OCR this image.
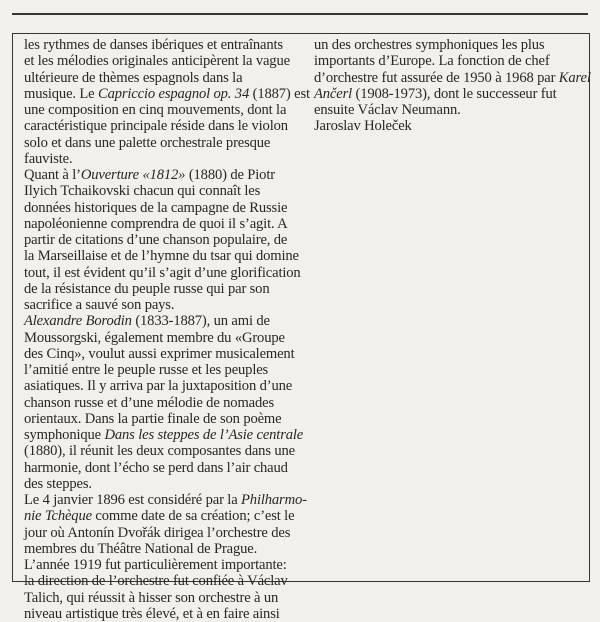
les rythmes de danses ibériques et entraînants
et les mélodies originales anticipèrent la vague
ultérieure de thèmes espagnols dans la
musique. Le Capriccio espagnol op. 34 (1887) est
une composition en cinq mouvements, dont la
caractéristique principale réside dans le violon
solo et dans une palette orchestrale presque
fauviste.
Quant à l’Ouverture «1812» (1880) de Piotr
Ilyich Tchaikovski chacun qui connaît les
données historiques de la campagne de Russie
napoléonienne comprendra de quoi il s’agit. A
partir de citations d’une chanson populaire, de
la Marseillaise et de l’hymne du tsar qui domine
tout, il est évident qu’il s’agit d’une glorification
de la résistance du peuple russe qui par son
sacrifice a sauvé son pays.
Alexandre Borodin (1833-1887), un ami de
Moussorgski, également membre du «Groupe
des Cinq», voulut aussi exprimer musicalement
l’amitié entre le peuple russe et les peuples
asiatiques. Il y arriva par la juxtaposition d’une
chanson russe et d’une mélodie de nomades
orientaux. Dans la partie finale de son poème
symphonique Dans les steppes de l’Asie centrale
(1880), il réunit les deux composantes dans une
harmonie, dont l’écho se perd dans l’air chaud
des steppes.
Le 4 janvier 1896 est considéré par la Philharmo-
nie Tchèque comme date de sa création; c’est le
jour où Antonín Dvořák dirigea l’orchestre des
membres du Théâtre National de Prague.
L’année 1919 fut particulièrement importante:
la direction de l’orchestre fut confiée à Václav
Talich, qui réussit à hisser son orchestre à un
niveau artistique très élevé, et à en faire ainsi
un des orchestres symphoniques les plus
importants d’Europe. La fonction de chef
d’orchestre fut assurée de 1950 à 1968 par Karel
Ančerl (1908-1973), dont le successeur fut
ensuite Václav Neumann.
Jaroslav Holeček
